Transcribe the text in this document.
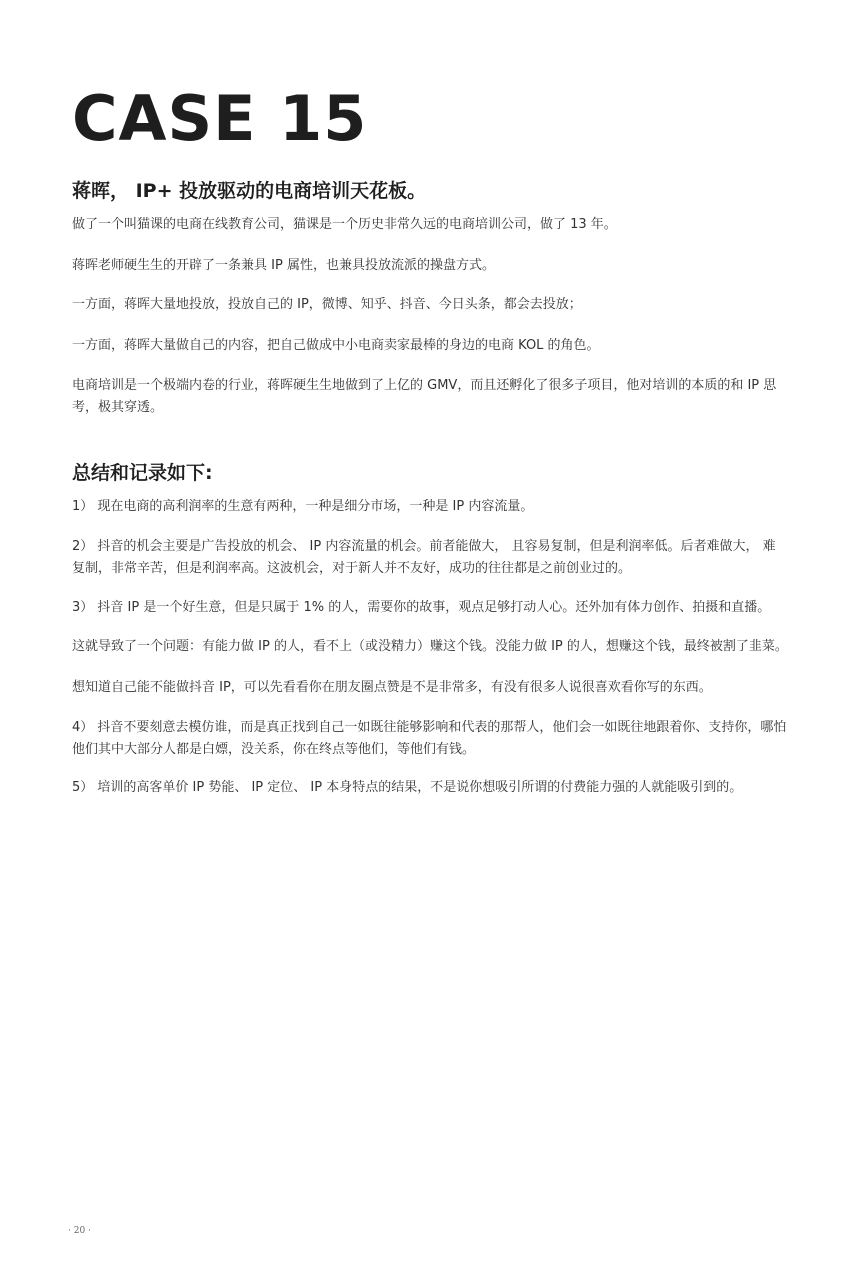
CASE 15
蒋晖， IP+ 投放驱动的电商培训天花板。

做了一个叫猫课的电商在线教育公司，猫课是一个历史非常久远的电商培训公司，做了 13 年。

蒋晖老师硬生生的开辟了一条兼具 IP 属性，也兼具投放流派的操盘方式。

一方面，蒋晖大量地投放，投放自己的 IP，微博、知乎、抖音、今日头条，都会去投放；

一方面，蒋晖大量做自己的内容，把自己做成中小电商卖家最棒的身边的电商 KOL 的角色。

电商培训是一个极端内卷的行业，蒋晖硬生生地做到了上亿的 GMV，而且还孵化了很多子项目，他对培训的本质的和 IP 思考，极其穿透。

总结和记录如下:

1） 现在电商的高利润率的生意有两种，一种是细分市场，一种是 IP 内容流量。

2） 抖音的机会主要是广告投放的机会、 IP 内容流量的机会。前者能做大， 且容易复制，但是利润率低。后者难做大， 难复制，非常辛苦，但是利润率高。这波机会，对于新人并不友好，成功的往往都是之前创业过的。

3） 抖音 IP 是一个好生意，但是只属于 1% 的人，需要你的故事，观点足够打动人心。还外加有体力创作、拍摄和直播。

这就导致了一个问题：有能力做 IP 的人，看不上（或没精力）赚这个钱。没能力做 IP 的人，想赚这个钱，最终被割了韭菜。

想知道自己能不能做抖音 IP，可以先看看你在朋友圈点赞是不是非常多，有没有很多人说很喜欢看你写的东西。

4） 抖音不要刻意去模仿谁，而是真正找到自己一如既往能够影响和代表的那帮人，他们会一如既往地跟着你、支持你，哪怕他们其中大部分人都是白嫖，没关系，你在终点等他们，等他们有钱。

5） 培训的高客单价 IP 势能、 IP 定位、 IP 本身特点的结果，不是说你想吸引所谓的付费能力强的人就能吸引到的。

· 20 ·
